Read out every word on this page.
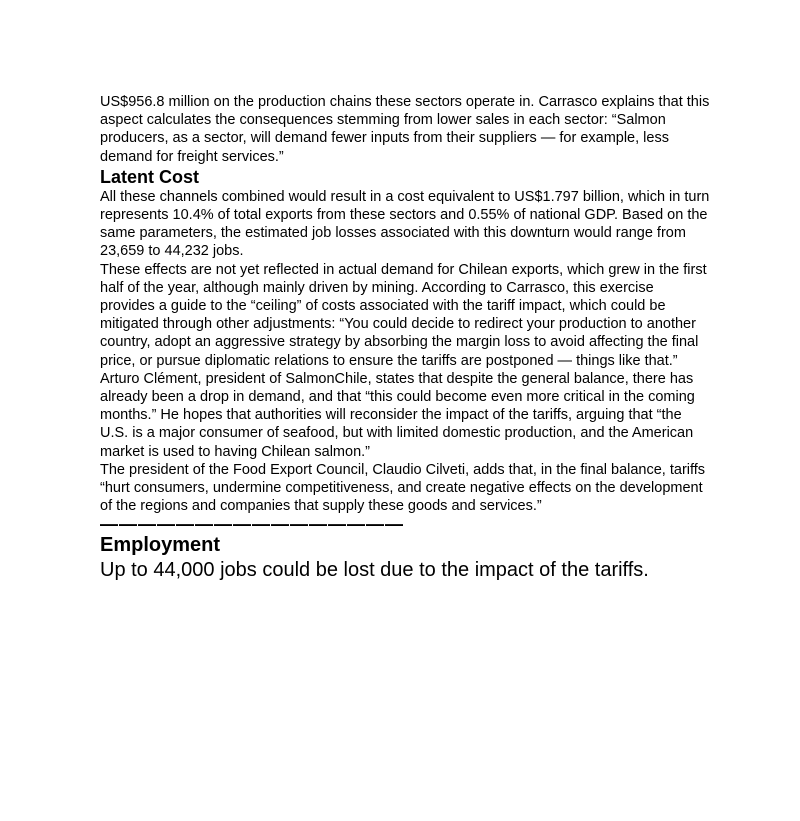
US$956.8 million on the production chains these sectors operate in. Carrasco explains that this aspect calculates the consequences stemming from lower sales in each sector: “Salmon producers, as a sector, will demand fewer inputs from their suppliers — for example, less demand for freight services.”

Latent Cost

All these channels combined would result in a cost equivalent to US$1.797 billion, which in turn represents 10.4% of total exports from these sectors and 0.55% of national GDP. Based on the same parameters, the estimated job losses associated with this downturn would range from 23,659 to 44,232 jobs.

These effects are not yet reflected in actual demand for Chilean exports, which grew in the first half of the year, although mainly driven by mining. According to Carrasco, this exercise provides a guide to the “ceiling” of costs associated with the tariff impact, which could be mitigated through other adjustments: “You could decide to redirect your production to another country, adopt an aggressive strategy by absorbing the margin loss to avoid affecting the final price, or pursue diplomatic relations to ensure the tariffs are postponed — things like that.”

Arturo Clément, president of SalmonChile, states that despite the general balance, there has already been a drop in demand, and that “this could become even more critical in the coming months.” He hopes that authorities will reconsider the impact of the tariffs, arguing that “the U.S. is a major consumer of seafood, but with limited domestic production, and the American market is used to having Chilean salmon.”

The president of the Food Export Council, Claudio Cilveti, adds that, in the final balance, tariffs “hurt consumers, undermine competitiveness, and create negative effects on the development of the regions and companies that supply these goods and services.”

————————————————
Employment
Up to 44,000 jobs could be lost due to the impact of the tariffs.
